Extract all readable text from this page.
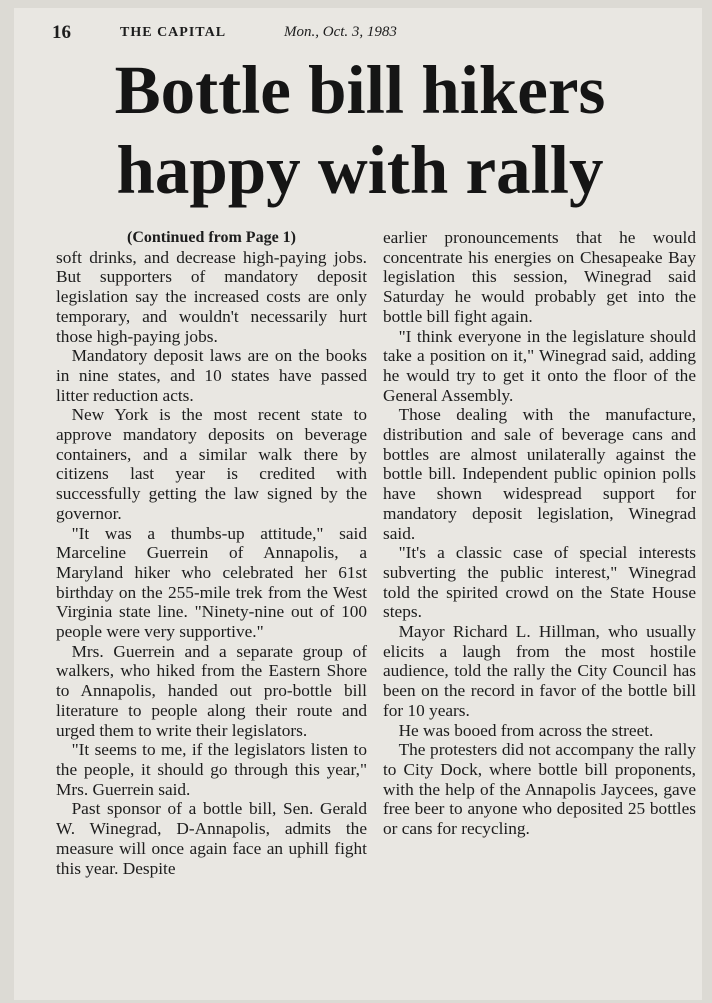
16	THE CAPITAL	Mon., Oct. 3, 1983
Bottle bill hikers
happy with rally

(Continued from Page 1)

soft drinks, and decrease high-paying jobs. But supporters of mandatory deposit legislation say the increased costs are only temporary, and wouldn't necessarily hurt those high-paying jobs.

Mandatory deposit laws are on the books in nine states, and 10 states have passed litter reduction acts.

New York is the most recent state to approve mandatory deposits on beverage containers, and a similar walk there by citizens last year is credited with successfully getting the law signed by the governor.

"It was a thumbs-up attitude," said Marceline Guerrein of Annapolis, a Maryland hiker who celebrated her 61st birthday on the 255-mile trek from the West Virginia state line. "Ninety-nine out of 100 people were very supportive."

Mrs. Guerrein and a separate group of walkers, who hiked from the Eastern Shore to Annapolis, handed out pro-bottle bill literature to people along their route and urged them to write their legislators.

"It seems to me, if the legislators listen to the people, it should go through this year," Mrs. Guerrein said.

Past sponsor of a bottle bill, Sen. Gerald W. Winegrad, D-Annapolis, admits the measure will once again face an uphill fight this year. Despite

earlier pronouncements that he would concentrate his energies on Chesapeake Bay legislation this session, Winegrad said Saturday he would probably get into the bottle bill fight again.

"I think everyone in the legislature should take a position on it," Winegrad said, adding he would try to get it onto the floor of the General Assembly.

Those dealing with the manufacture, distribution and sale of beverage cans and bottles are almost unilaterally against the bottle bill. Independent public opinion polls have shown widespread support for mandatory deposit legislation, Winegrad said.

"It's a classic case of special interests subverting the public interest," Winegrad told the spirited crowd on the State House steps.

Mayor Richard L. Hillman, who usually elicits a laugh from the most hostile audience, told the rally the City Council has been on the record in favor of the bottle bill for 10 years.

He was booed from across the street.

The protesters did not accompany the rally to City Dock, where bottle bill proponents, with the help of the Annapolis Jaycees, gave free beer to anyone who deposited 25 bottles or cans for recycling.
